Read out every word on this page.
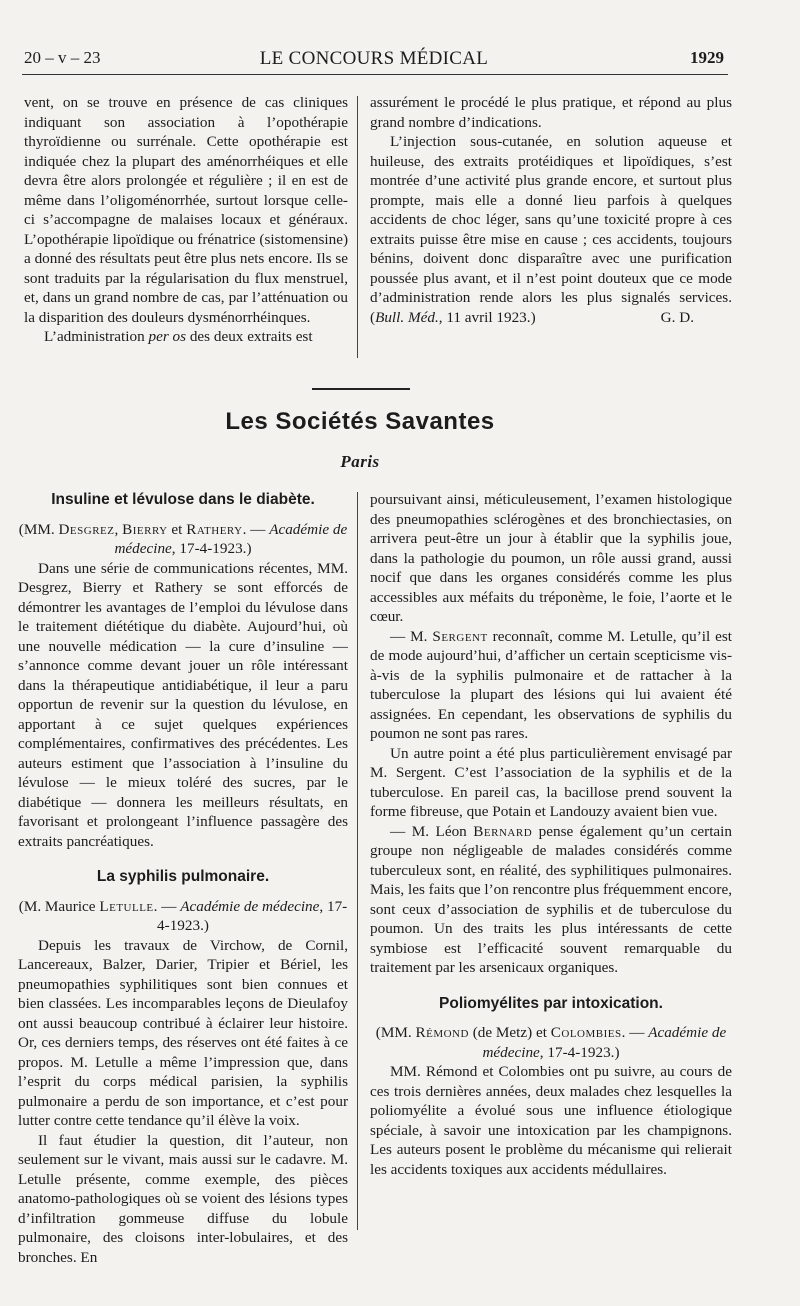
20 – v – 23	LE CONCOURS MÉDICAL	1929

vent, on se trouve en présence de cas cliniques indiquant son association à l’opothérapie thyroïdienne ou surrénale. Cette opothérapie est indiquée chez la plupart des aménorrhéiques et elle devra être alors prolongée et régulière ; il en est de même dans l’oligoménorrhée, surtout lorsque celle-ci s’accompagne de malaises locaux et généraux. L’opothérapie lipoïdique ou frénatrice (sistomensine) a donné des résultats peut être plus nets encore. Ils se sont traduits par la régularisation du flux menstruel, et, dans un grand nombre de cas, par l’atténuation ou la disparition des douleurs dysménorrhéinques.

L’administration per os des deux extraits est

assurément le procédé le plus pratique, et répond au plus grand nombre d’indications.

L’injection sous-cutanée, en solution aqueuse et huileuse, des extraits protéidiques et lipoïdiques, s’est montrée d’une activité plus grande encore, et surtout plus prompte, mais elle a donné lieu parfois à quelques accidents de choc léger, sans qu’une toxicité propre à ces extraits puisse être mise en cause ; ces accidents, toujours bénins, doivent donc disparaître avec une purification poussée plus avant, et il n’est point douteux que ce mode d’administration rende alors les plus signalés services. (Bull. Méd., 11 avril 1923.)	G. D.

Les Sociétés Savantes
Paris
Insuline et lévulose dans le diabète.

(MM. Desgrez, Bierry et Rathery. — Académie de médecine, 17-4-1923.)

Dans une série de communications récentes, MM. Desgrez, Bierry et Rathery se sont efforcés de démontrer les avantages de l’emploi du lévulose dans le traitement diététique du diabète. Aujourd’hui, où une nouvelle médication — la cure d’insuline — s’annonce comme devant jouer un rôle intéressant dans la thérapeutique antidiabétique, il leur a paru opportun de revenir sur la question du lévulose, en apportant à ce sujet quelques expériences complémentaires, confirmatives des précédentes. Les auteurs estiment que l’association à l’insuline du lévulose — le mieux toléré des sucres, par le diabétique — donnera les meilleurs résultats, en favorisant et prolongeant l’influence passagère des extraits pancréatiques.

La syphilis pulmonaire.

(M. Maurice Letulle. — Académie de médecine, 17-4-1923.)

Depuis les travaux de Virchow, de Cornil, Lancereaux, Balzer, Darier, Tripier et Bériel, les pneumopathies syphilitiques sont bien connues et bien classées. Les incomparables leçons de Dieulafoy ont aussi beaucoup contribué à éclairer leur histoire. Or, ces derniers temps, des réserves ont été faites à ce propos. M. Letulle a même l’impression que, dans l’esprit du corps médical parisien, la syphilis pulmonaire a perdu de son importance, et c’est pour lutter contre cette tendance qu’il élève la voix.

Il faut étudier la question, dit l’auteur, non seulement sur le vivant, mais aussi sur le cadavre. M. Letulle présente, comme exemple, des pièces anatomo-pathologiques où se voient des lésions types d’infiltration gommeuse diffuse du lobule pulmonaire, des cloisons inter-lobulaires, et des bronches. En

poursuivant ainsi, méticuleusement, l’examen histologique des pneumopathies sclérogènes et des bronchiectasies, on arrivera peut-être un jour à établir que la syphilis joue, dans la pathologie du poumon, un rôle aussi grand, aussi nocif que dans les organes considérés comme les plus accessibles aux méfaits du tréponème, le foie, l’aorte et le cœur.

— M. Sergent reconnaît, comme M. Letulle, qu’il est de mode aujourd’hui, d’afficher un certain scepticisme vis-à-vis de la syphilis pulmonaire et de rattacher à la tuberculose la plupart des lésions qui lui avaient été assignées. En cependant, les observations de syphilis du poumon ne sont pas rares.

Un autre point a été plus particulièrement envisagé par M. Sergent. C’est l’association de la syphilis et de la tuberculose. En pareil cas, la bacillose prend souvent la forme fibreuse, que Potain et Landouzy avaient bien vue.

— M. Léon Bernard pense également qu’un certain groupe non négligeable de malades considérés comme tuberculeux sont, en réalité, des syphilitiques pulmonaires. Mais, les faits que l’on rencontre plus fréquemment encore, sont ceux d’association de syphilis et de tuberculose du poumon. Un des traits les plus intéressants de cette symbiose est l’efficacité souvent remarquable du traitement par les arsenicaux organiques.

Poliomyélites par intoxication.

(MM. Rémond (de Metz) et Colombies. — Académie de médecine, 17-4-1923.)

MM. Rémond et Colombies ont pu suivre, au cours de ces trois dernières années, deux malades chez lesquelles la poliomyélite a évolué sous une influence étiologique spéciale, à savoir une intoxication par les champignons. Les auteurs posent le problème du mécanisme qui relierait les accidents toxiques aux accidents médullaires.
